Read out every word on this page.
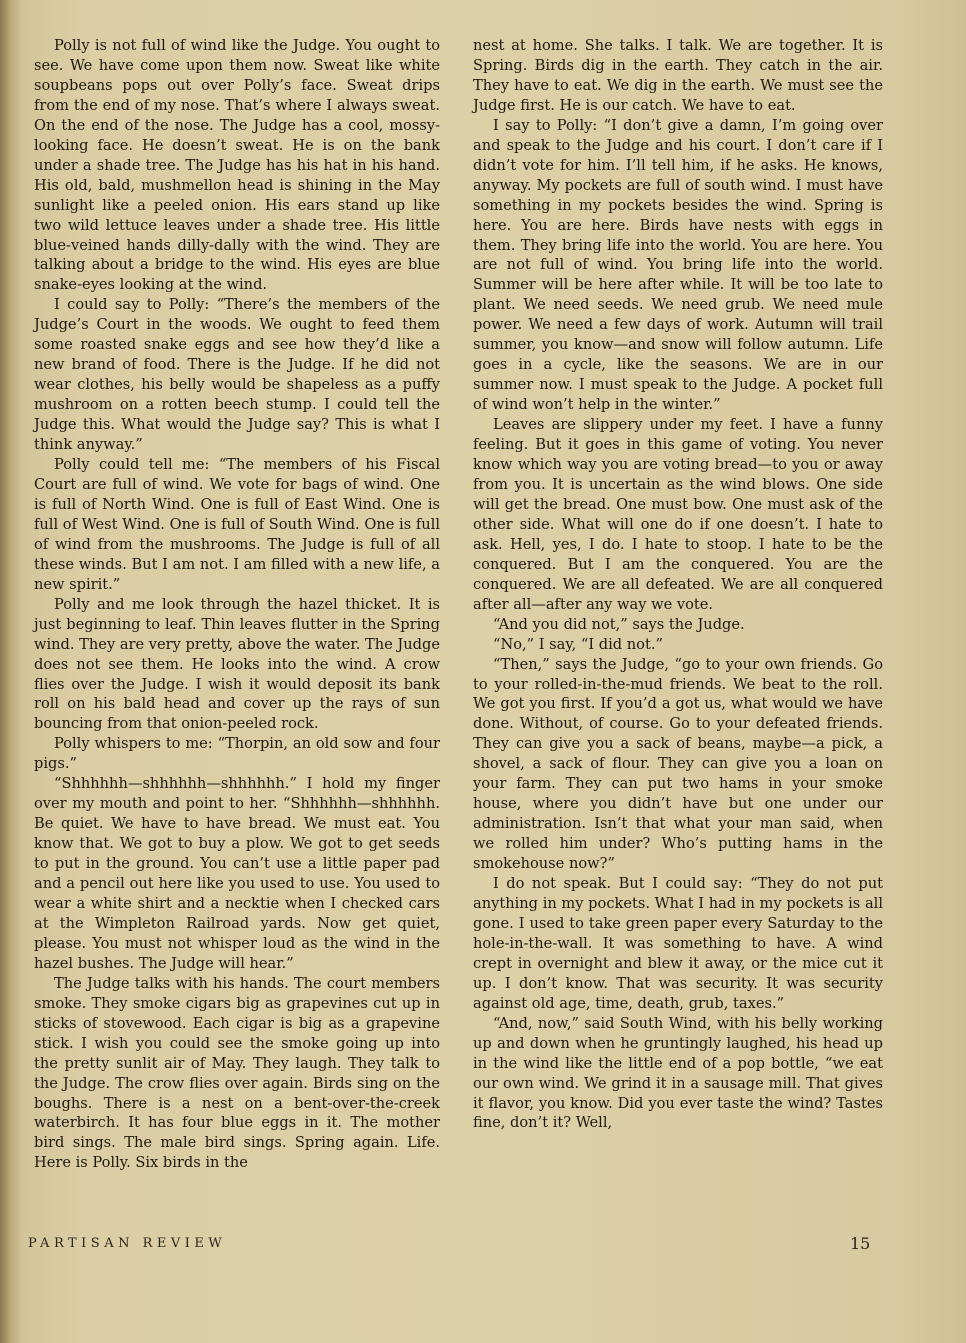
Polly is not full of wind like the Judge. You ought to see. We have come upon them now. Sweat like white soupbeans pops out over Polly’s face. Sweat drips from the end of my nose. That’s where I always sweat. On the end of the nose. The Judge has a cool, mossy-looking face. He doesn’t sweat. He is on the bank under a shade tree. The Judge has his hat in his hand. His old, bald, mushmellon head is shining in the May sunlight like a peeled onion. His ears stand up like two wild lettuce leaves under a shade tree. His little blue-veined hands dilly-dally with the wind. They are talking about a bridge to the wind. His eyes are blue snake-eyes looking at the wind.

I could say to Polly: “There’s the members of the Judge’s Court in the woods. We ought to feed them some roasted snake eggs and see how they’d like a new brand of food. There is the Judge. If he did not wear clothes, his belly would be shapeless as a puffy mushroom on a rotten beech stump. I could tell the Judge this. What would the Judge say? This is what I think anyway.”

Polly could tell me: “The members of his Fiscal Court are full of wind. We vote for bags of wind. One is full of North Wind. One is full of East Wind. One is full of West Wind. One is full of South Wind. One is full of wind from the mushrooms. The Judge is full of all these winds. But I am not. I am filled with a new life, a new spirit.”

Polly and me look through the hazel thicket. It is just beginning to leaf. Thin leaves flutter in the Spring wind. They are very pretty, above the water. The Judge does not see them. He looks into the wind. A crow flies over the Judge. I wish it would deposit its bank roll on his bald head and cover up the rays of sun bouncing from that onion-peeled rock.

Polly whispers to me: “Thorpin, an old sow and four pigs.”

“Shhhhhh—shhhhhh—shhhhhh.” I hold my finger over my mouth and point to her. “Shhhhhh—shhhhhh. Be quiet. We have to have bread. We must eat. You know that. We got to buy a plow. We got to get seeds to put in the ground. You can’t use a little paper pad and a pencil out here like you used to use. You used to wear a white shirt and a necktie when I checked cars at the Wimpleton Railroad yards. Now get quiet, please. You must not whisper loud as the wind in the hazel bushes. The Judge will hear.”

The Judge talks with his hands. The court members smoke. They smoke cigars big as grapevines cut up in sticks of stovewood. Each cigar is big as a grapevine stick. I wish you could see the smoke going up into the pretty sunlit air of May. They laugh. They talk to the Judge. The crow flies over again. Birds sing on the boughs. There is a nest on a bent-over-the-creek waterbirch. It has four blue eggs in it. The mother bird sings. The male bird sings. Spring again. Life. Here is Polly. Six birds in the

nest at home. She talks. I talk. We are together. It is Spring. Birds dig in the earth. They catch in the air. They have to eat. We dig in the earth. We must see the Judge first. He is our catch. We have to eat.

I say to Polly: “I don’t give a damn, I’m going over and speak to the Judge and his court. I don’t care if I didn’t vote for him. I’ll tell him, if he asks. He knows, anyway. My pockets are full of south wind. I must have something in my pockets besides the wind. Spring is here. You are here. Birds have nests with eggs in them. They bring life into the world. You are here. You are not full of wind. You bring life into the world. Summer will be here after while. It will be too late to plant. We need seeds. We need grub. We need mule power. We need a few days of work. Autumn will trail summer, you know—and snow will follow autumn. Life goes in a cycle, like the seasons. We are in our summer now. I must speak to the Judge. A pocket full of wind won’t help in the winter.”

Leaves are slippery under my feet. I have a funny feeling. But it goes in this game of voting. You never know which way you are voting bread—to you or away from you. It is uncertain as the wind blows. One side will get the bread. One must bow. One must ask of the other side. What will one do if one doesn’t. I hate to ask. Hell, yes, I do. I hate to stoop. I hate to be the conquered. But I am the conquered. You are the conquered. We are all defeated. We are all conquered after all—after any way we vote.

“And you did not,” says the Judge.

“No,” I say, “I did not.”

“Then,” says the Judge, “go to your own friends. Go to your rolled-in-the-mud friends. We beat to the roll. We got you first. If you’d a got us, what would we have done. Without, of course. Go to your defeated friends. They can give you a sack of beans, maybe—a pick, a shovel, a sack of flour. They can give you a loan on your farm. They can put two hams in your smoke house, where you didn’t have but one under our administration. Isn’t that what your man said, when we rolled him under? Who’s putting hams in the smokehouse now?”

I do not speak. But I could say: “They do not put anything in my pockets. What I had in my pockets is all gone. I used to take green paper every Saturday to the hole-in-the-wall. It was something to have. A wind crept in overnight and blew it away, or the mice cut it up. I don’t know. That was security. It was security against old age, time, death, grub, taxes.”

“And, now,” said South Wind, with his belly working up and down when he gruntingly laughed, his head up in the wind like the little end of a pop bottle, “we eat our own wind. We grind it in a sausage mill. That gives it flavor, you know. Did you ever taste the wind? Tastes fine, don’t it? Well,

PARTISAN REVIEW	15
